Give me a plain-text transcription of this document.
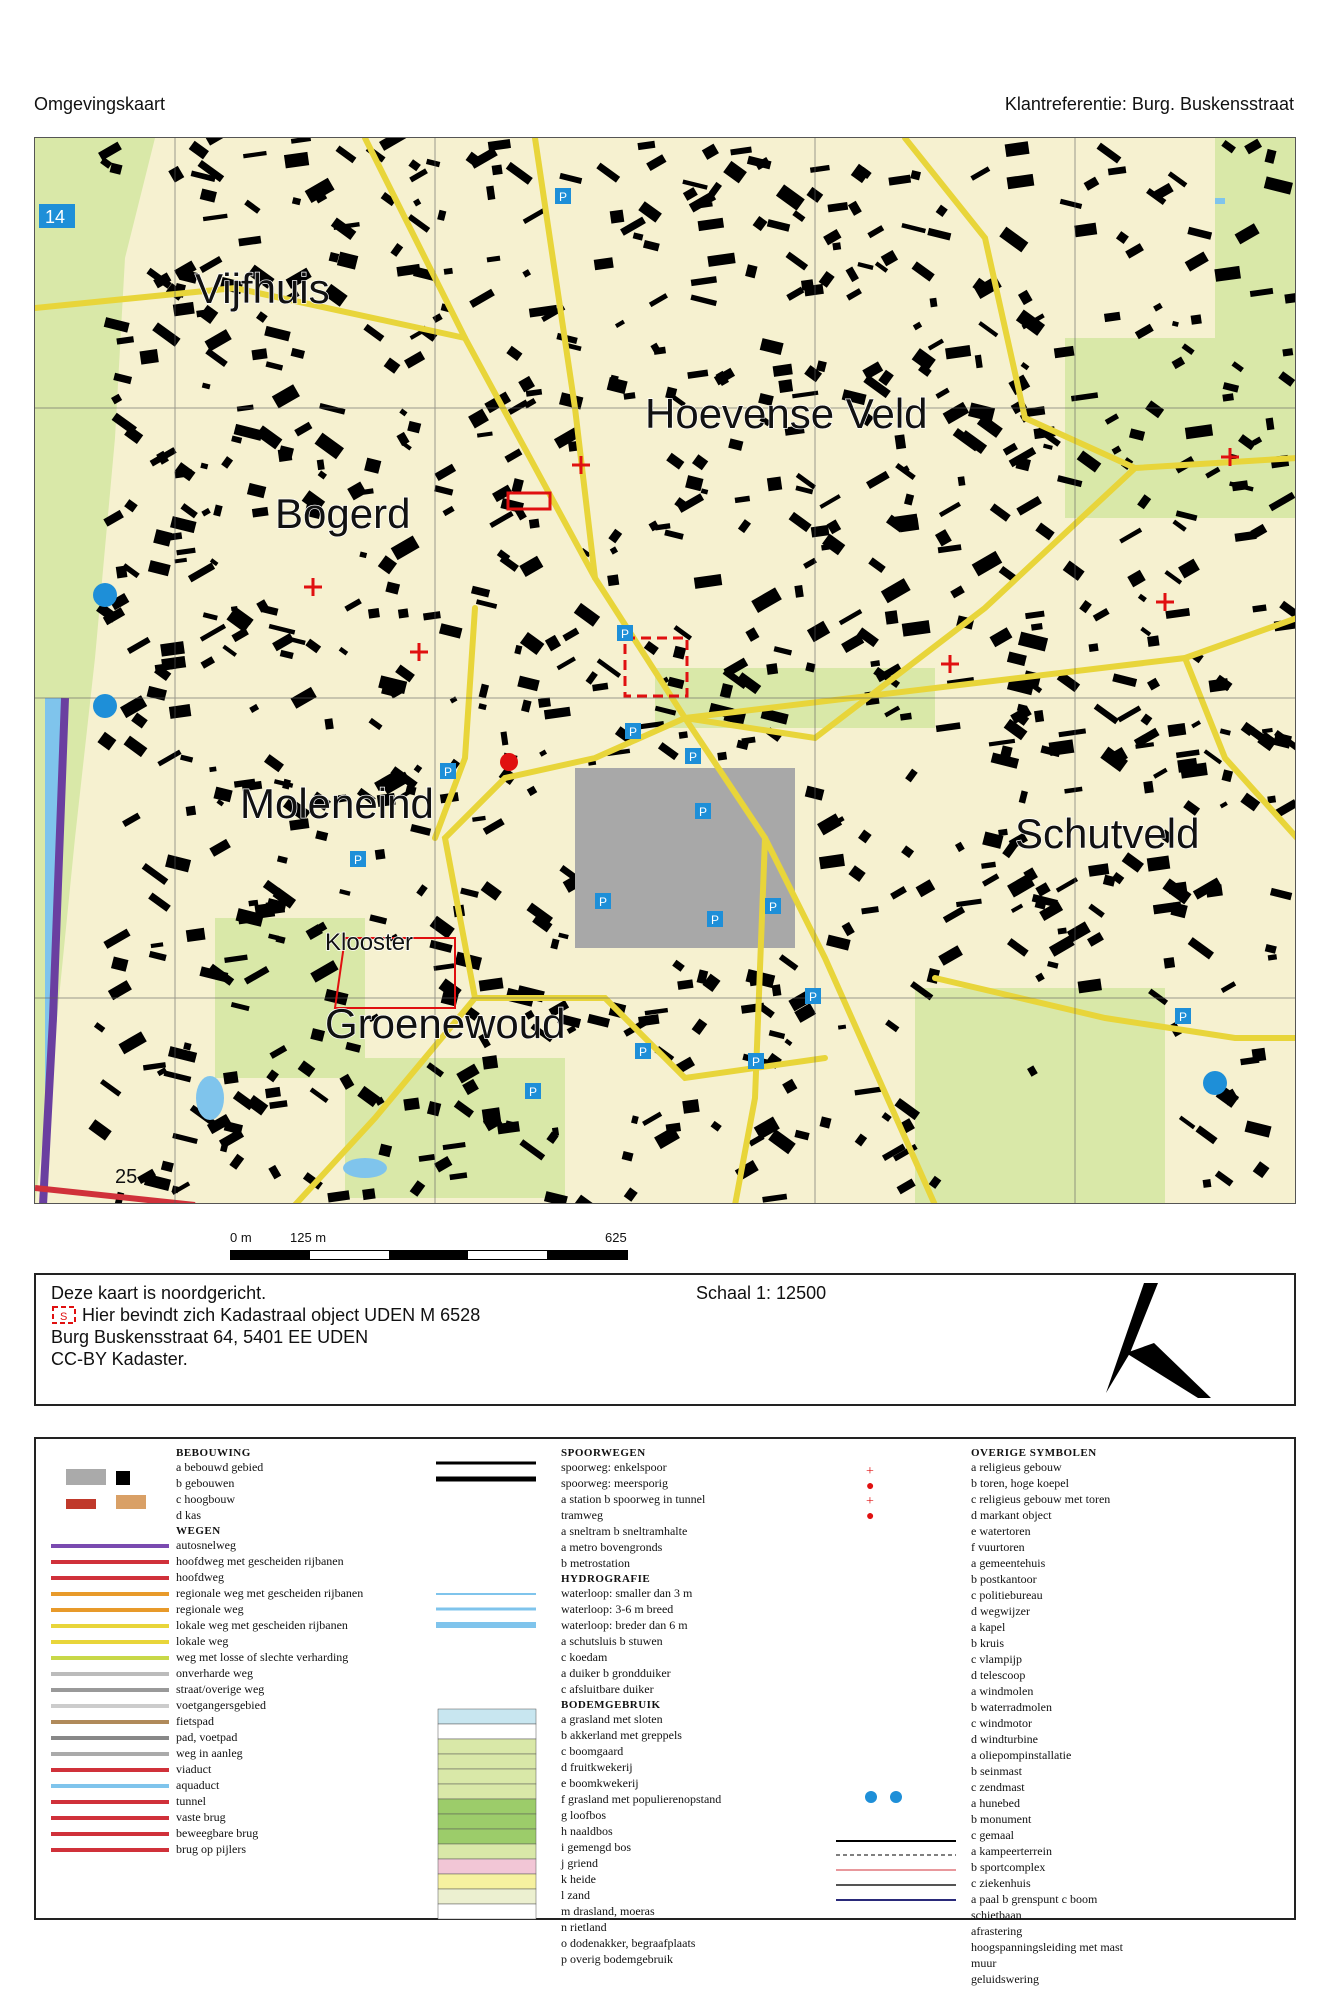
Omgevingskaart	Klantreferentie: Burg. Buskensstraat
P
P
P
P
P
P
P
P
P
P
P
P
P
P
P
14
25
Vijfhuis
Hoevense Veld
Bogerd
Moleneind
Schutveld
Klooster
Groenewoud
0 m	125 m	625
Deze kaart is noordgericht.	Schaal 1: 12500
S Hier bevindt zich Kadastraal object UDEN M 6528
Burg Buskensstraat 64, 5401 EE UDEN
CC-BY Kadaster.
BEBOUWING
a bebouwd gebied
b gebouwen
c hoogbouw
d kas
WEGEN
autosnelweg
hoofdweg met gescheiden rijbanen
hoofdweg
regionale weg met gescheiden rijbanen
regionale weg
lokale weg met gescheiden rijbanen
lokale weg
weg met losse of slechte verharding
onverharde weg
straat/overige weg
voetgangersgebied
fietspad
pad, voetpad
weg in aanleg
viaduct
aquaduct
tunnel
vaste brug
beweegbare brug
brug op pijlers
SPOORWEGEN
spoorweg: enkelspoor
spoorweg: meersporig
a station b spoorweg in tunnel
tramweg
a sneltram b sneltramhalte
a metro bovengronds
b metrostation
HYDROGRAFIE
waterloop: smaller dan 3 m
waterloop: 3-6 m breed
waterloop: breder dan 6 m
a schutsluis b stuwen
c koedam
a duiker b grondduiker
c afsluitbare duiker
BODEMGEBRUIK
a grasland met sloten
b akkerland met greppels
c boomgaard
d fruitkwekerij
e boomkwekerij
f grasland met populierenopstand
g loofbos
h naaldbos
i gemengd bos
j griend
k heide
l zand
m drasland, moeras
n rietland
o dodenakker, begraafplaats
p overig bodemgebruik
OVERIGE SYMBOLEN
a religieus gebouw
b toren, hoge koepel
c religieus gebouw met toren
d markant object
e watertoren
f vuurtoren
a gemeentehuis
b postkantoor
c politiebureau
d wegwijzer
a kapel
b kruis
c vlampijp
d telescoop
a windmolen
b waterradmolen
c windmotor
d windturbine
a oliepompinstallatie
b seinmast
c zendmast
a hunebed
b monument
c gemaal
a kampeerterrein
b sportcomplex
c ziekenhuis
a paal b grenspunt c boom
schietbaan
afrastering
hoogspanningsleiding met mast
muur
geluidswering
+
●
+
●
